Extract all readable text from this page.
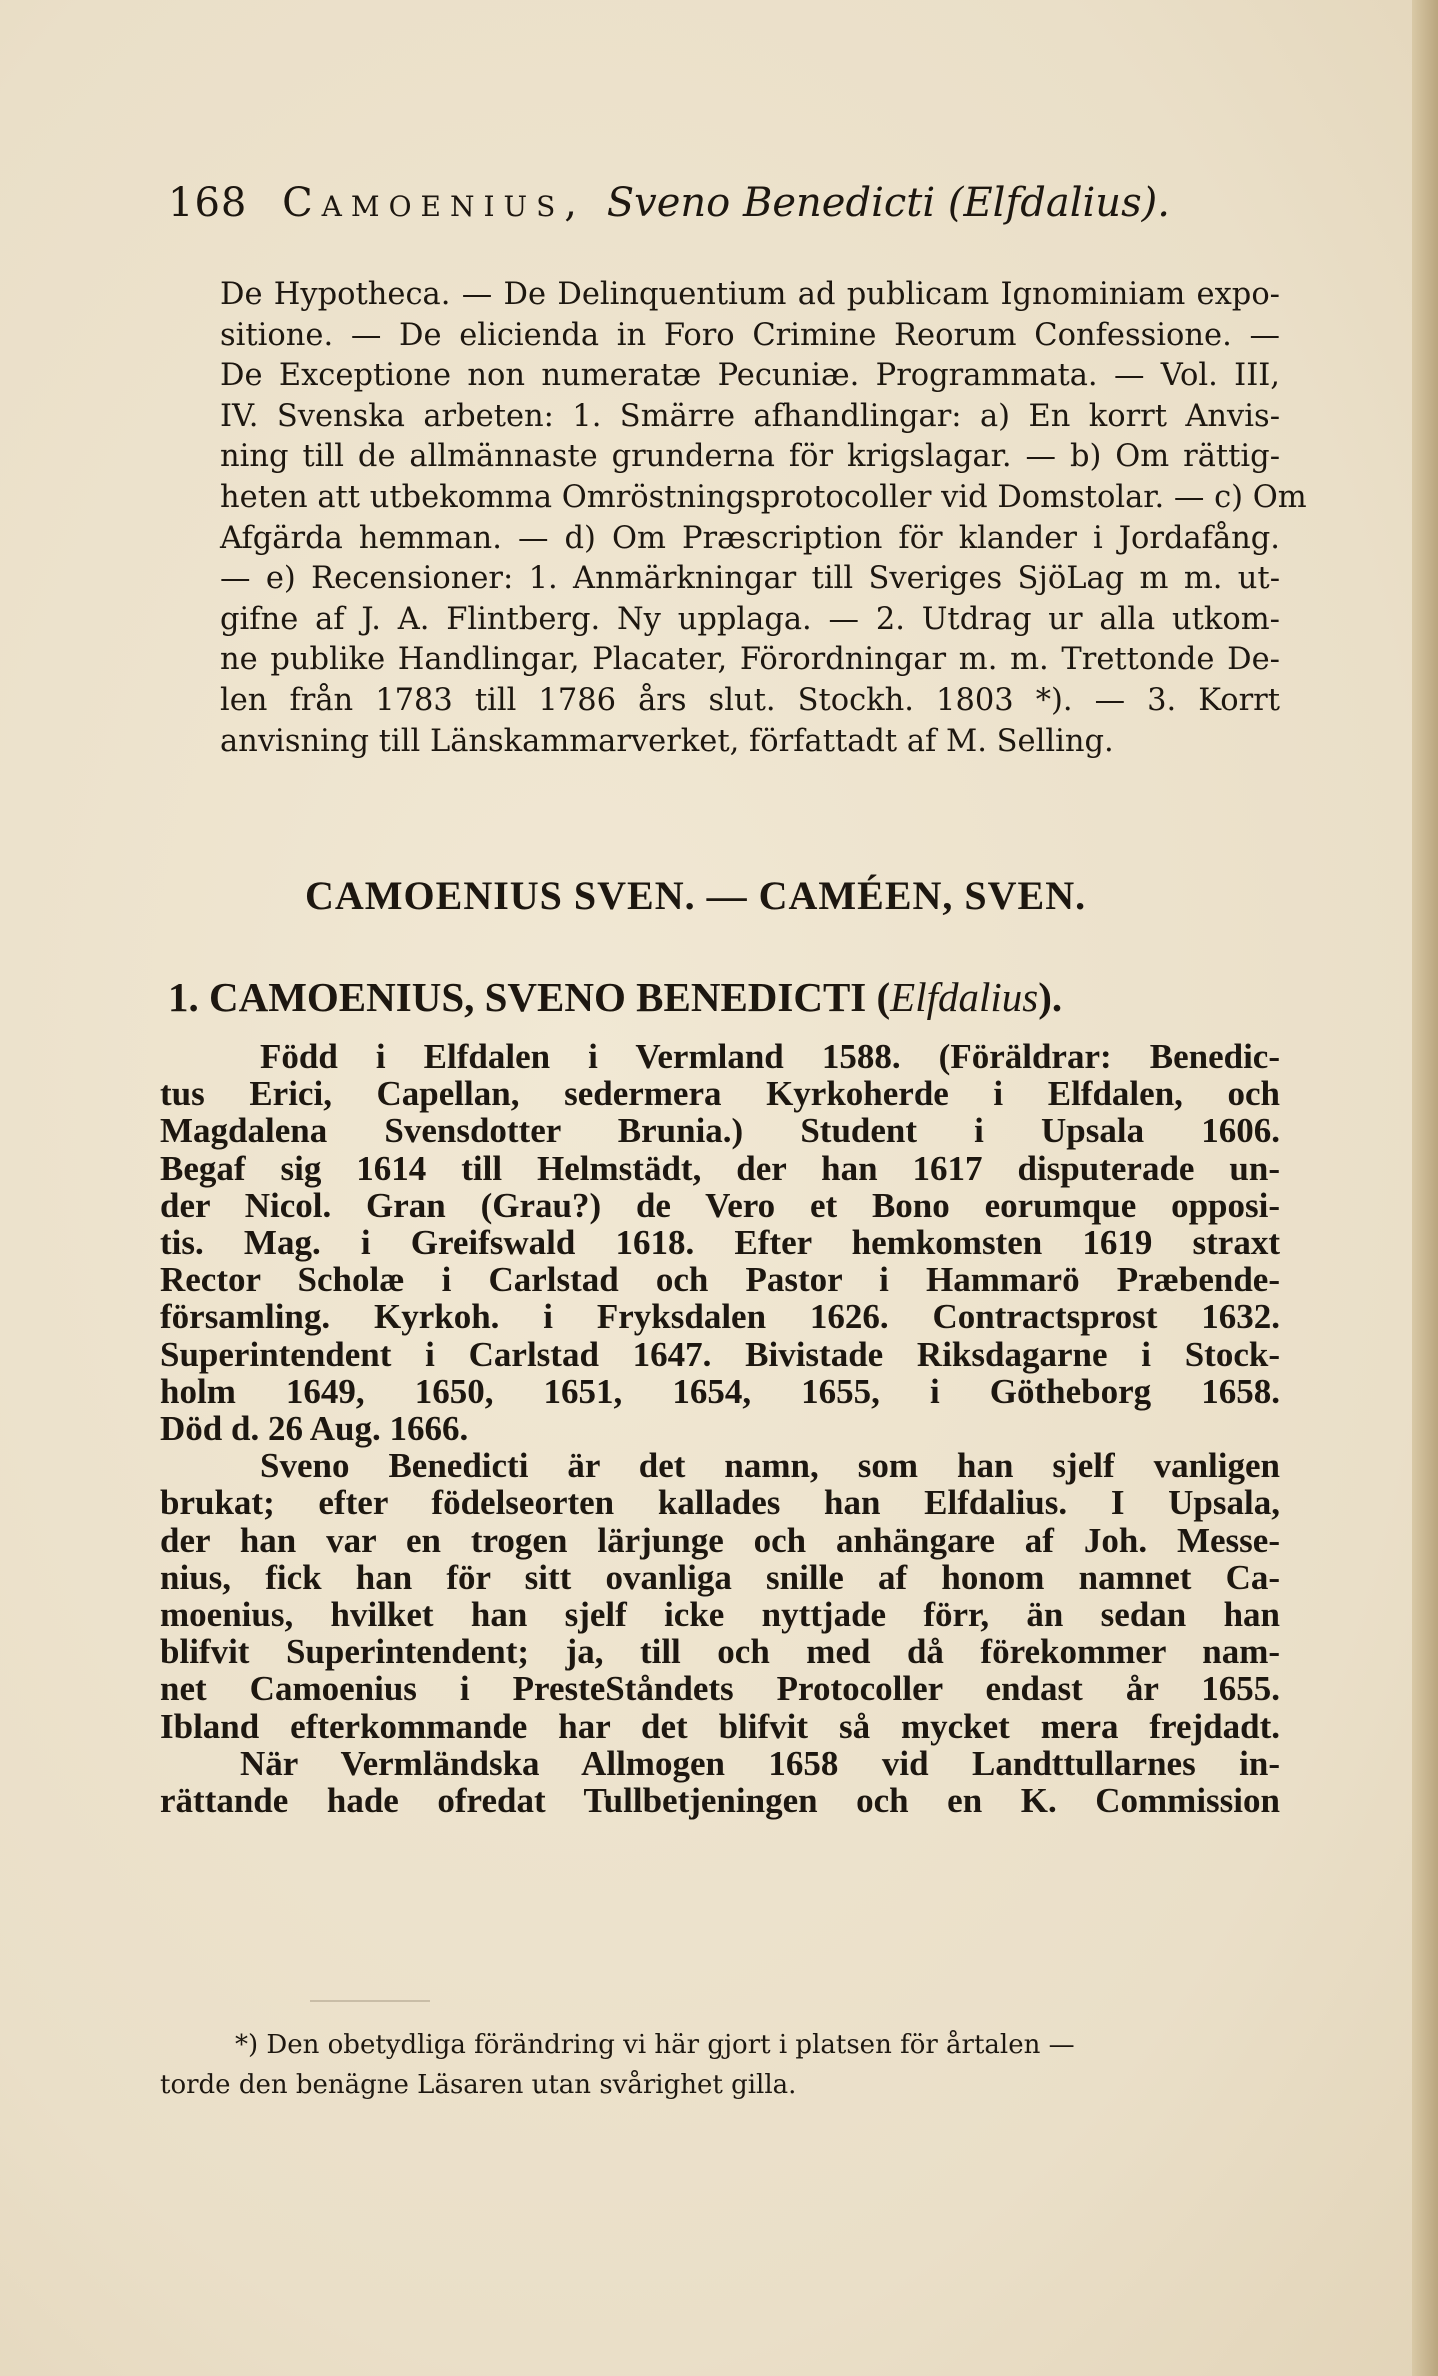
168 Camoenius, Sveno Benedicti (Elfdalius).
De Hypotheca. — De Delinquentium ad publicam Ignominiam expo-
sitione. — De elicienda in Foro Crimine Reorum Confessione. —
De Exceptione non numeratæ Pecuniæ. Programmata. — Vol. III,
IV. Svenska arbeten: 1. Smärre afhandlingar: a) En korrt Anvis-
ning till de allmännaste grunderna för krigslagar. — b) Om rättig-
heten att utbekomma Omröstningsprotocoller vid Domstolar. — c) Om
Afgärda hemman. — d) Om Præscription för klander i Jordafång.
— e) Recensioner: 1. Anmärkningar till Sveriges SjöLag m m. ut-
gifne af J. A. Flintberg. Ny upplaga. — 2. Utdrag ur alla utkom-
ne publike Handlingar, Placater, Förordningar m. m. Trettonde De-
len från 1783 till 1786 års slut. Stockh. 1803 *). — 3. Korrt
anvisning till Länskammarverket, författadt af M. Selling.
CAMOENIUS SVEN. — CAMÉEN, SVEN.
1. CAMOENIUS, SVENO BENEDICTI (Elfdalius).
Född i Elfdalen i Vermland 1588. (Föräldrar: Benedic-
tus Erici, Capellan, sedermera Kyrkoherde i Elfdalen, och
Magdalena Svensdotter Brunia.) Student i Upsala 1606.
Begaf sig 1614 till Helmstädt, der han 1617 disputerade un-
der Nicol. Gran (Grau?) de Vero et Bono eorumque opposi-
tis. Mag. i Greifswald 1618. Efter hemkomsten 1619 straxt
Rector Scholæ i Carlstad och Pastor i Hammarö Præbende-
församling. Kyrkoh. i Fryksdalen 1626. Contractsprost 1632.
Superintendent i Carlstad 1647. Bivistade Riksdagarne i Stock-
holm 1649, 1650, 1651, 1654, 1655, i Götheborg 1658.
Död d. 26 Aug. 1666.
Sveno Benedicti är det namn, som han sjelf vanligen
brukat; efter födelseorten kallades han Elfdalius. I Upsala,
der han var en trogen lärjunge och anhängare af Joh. Messe-
nius, fick han för sitt ovanliga snille af honom namnet Ca-
moenius, hvilket han sjelf icke nyttjade förr, än sedan han
blifvit Superintendent; ja, till och med då förekommer nam-
net Camoenius i PresteStåndets Protocoller endast år 1655.
Ibland efterkommande har det blifvit så mycket mera frejdadt.
När Vermländska Allmogen 1658 vid Landttullarnes in-
rättande hade ofredat Tullbetjeningen och en K. Commission
*) Den obetydliga förändring vi här gjort i platsen för årtalen —
torde den benägne Läsaren utan svårighet gilla.
